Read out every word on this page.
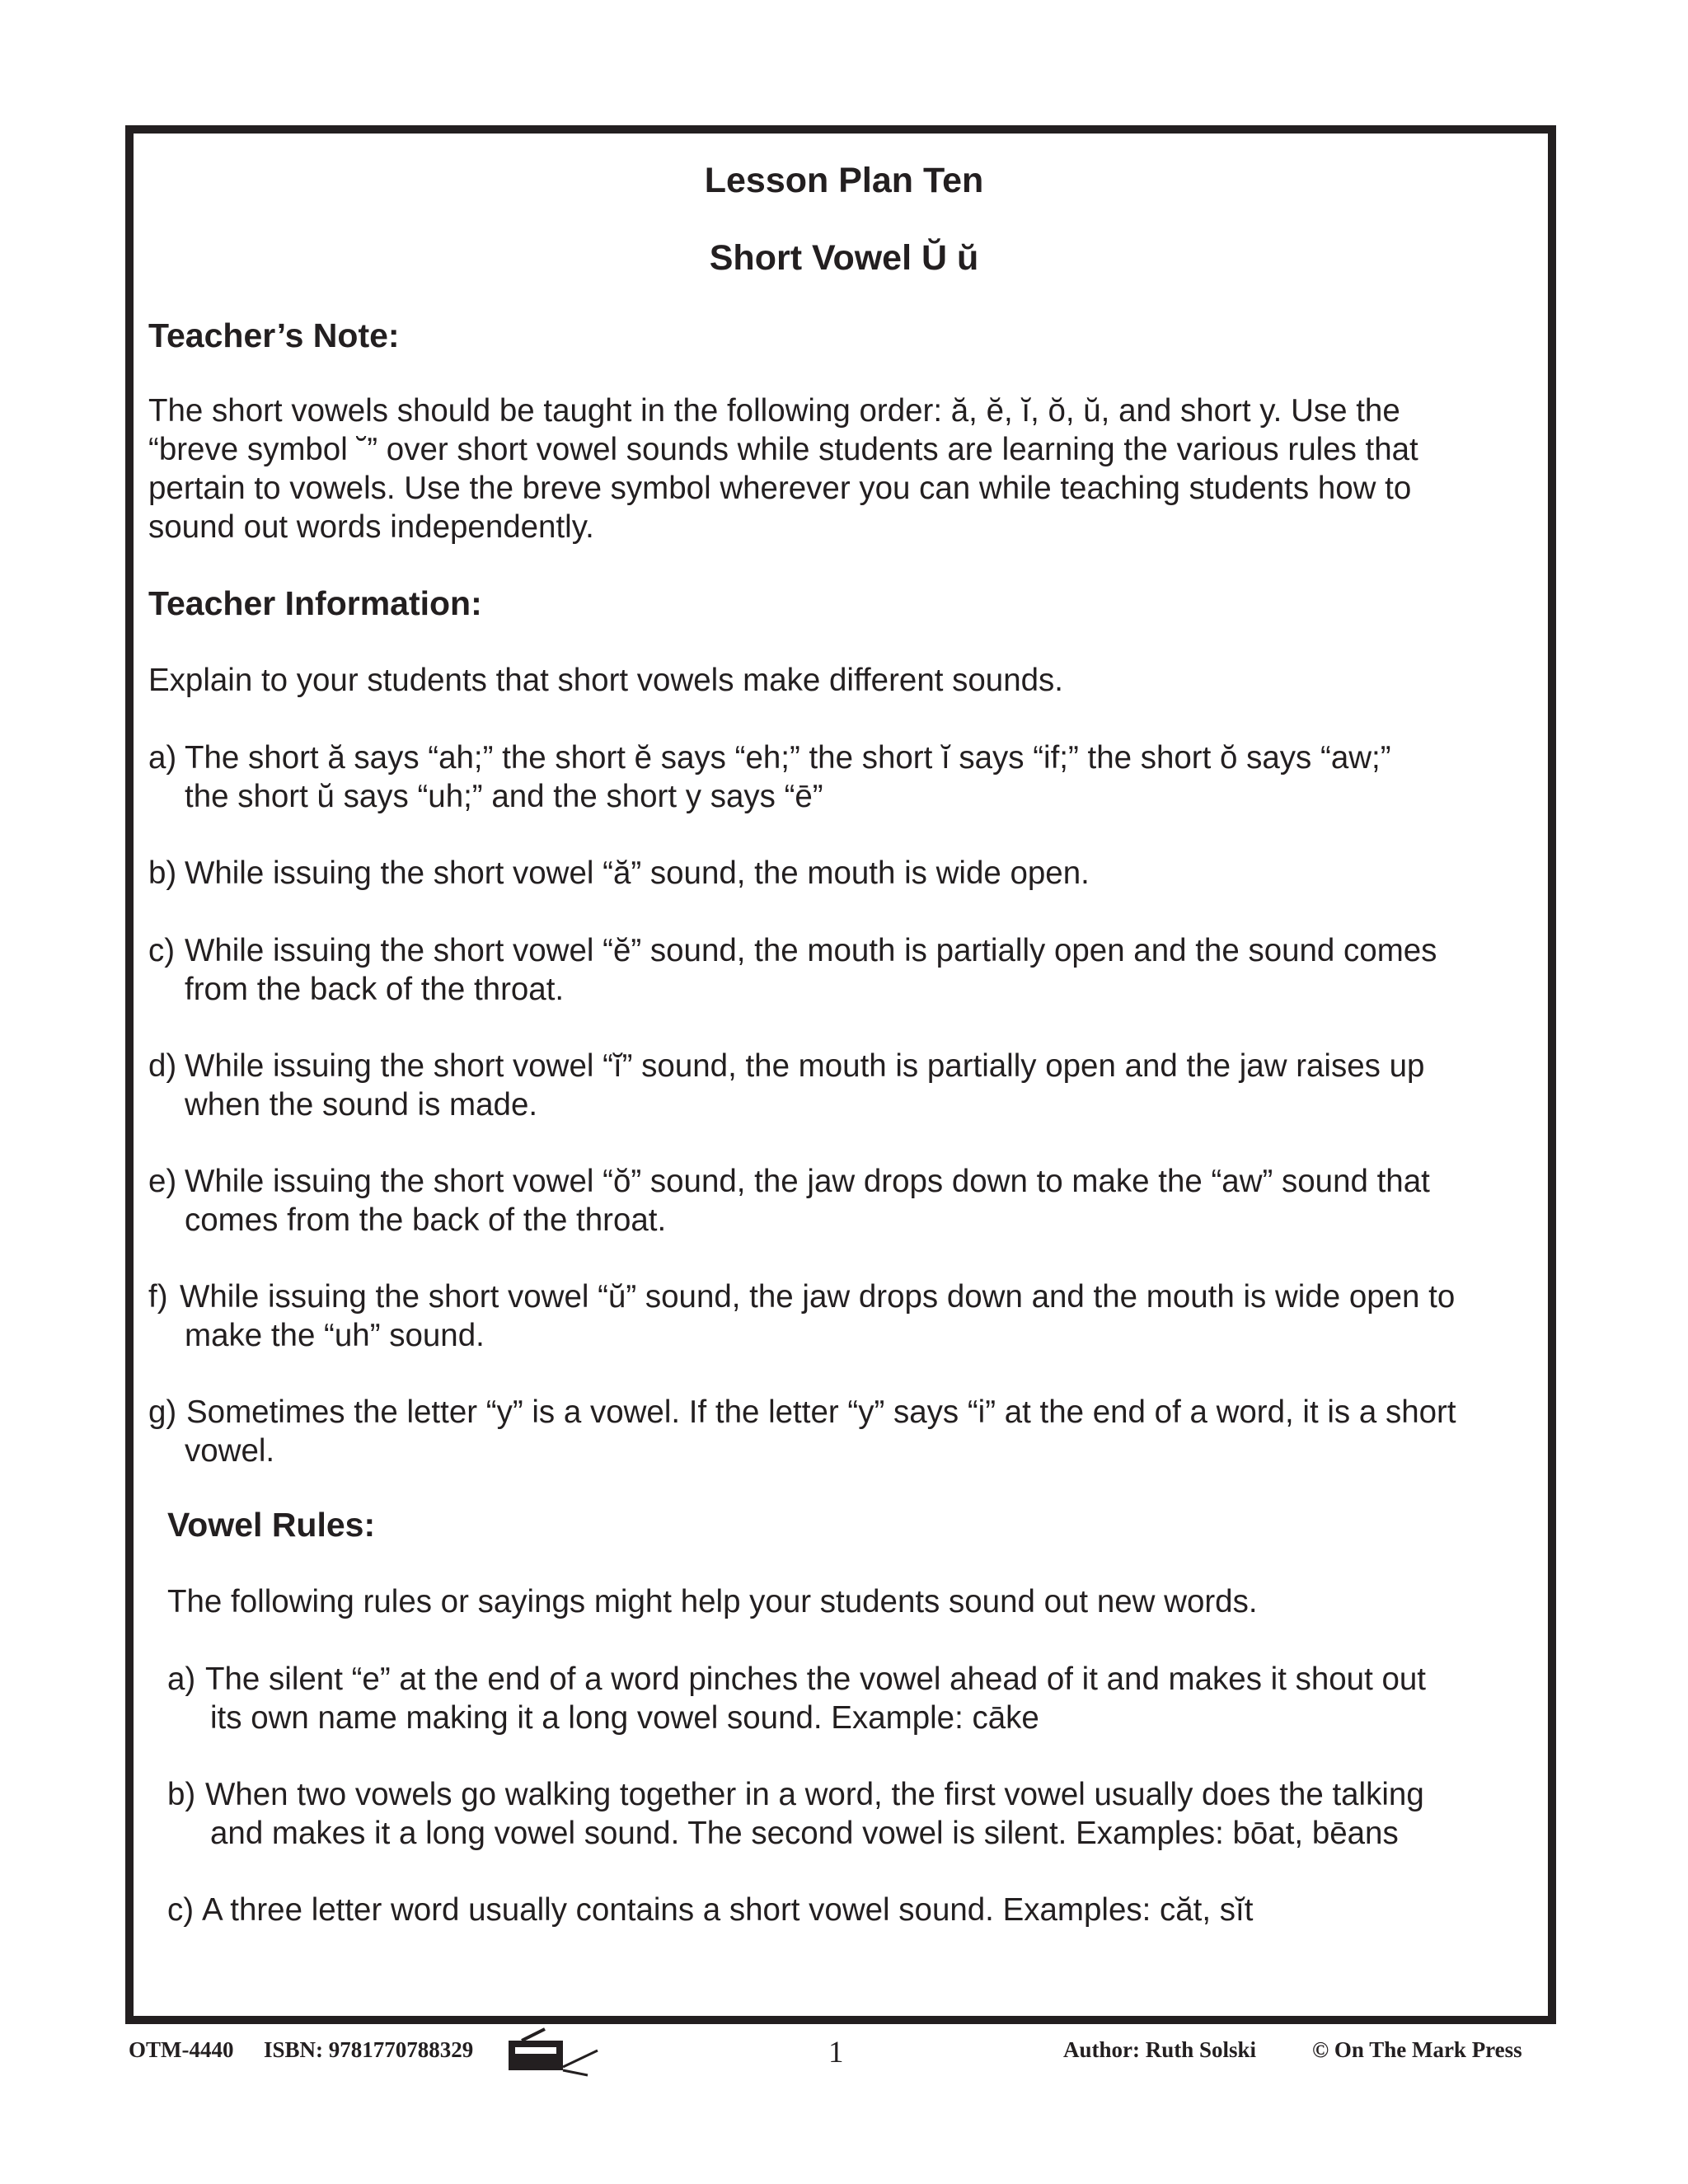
Lesson Plan Ten
Short Vowel Ŭ ŭ
Teacher’s Note:
The short vowels should be taught in the following order: ă, ĕ, ĭ, ŏ, ŭ, and short y. Use the
“breve symbol ˘” over short vowel sounds while students are learning the various rules that
pertain to vowels. Use the breve symbol wherever you can while teaching students how to
sound out words independently.
Teacher Information:
Explain to your students that short vowels make different sounds.
a) The short ă says “ah;” the short ĕ says “eh;” the short ĭ says “if;” the short ŏ says “aw;”
the short ŭ says “uh;” and the short y says “ē”
b) While issuing the short vowel “ă” sound, the mouth is wide open.
c) While issuing the short vowel “ĕ” sound, the mouth is partially open and the sound comes
from the back of the throat.
d) While issuing the short vowel “ĭ” sound, the mouth is partially open and the jaw raises up
when the sound is made.
e) While issuing the short vowel “ŏ” sound, the jaw drops down to make the “aw” sound that
comes from the back of the throat.
f) While issuing the short vowel “ŭ” sound, the jaw drops down and the mouth is wide open to
make the “uh” sound.
g) Sometimes the letter “y” is a vowel. If the letter “y” says “i” at the end of a word, it is a short
vowel.
Vowel Rules:
The following rules or sayings might help your students sound out new words.
a) The silent “e” at the end of a word pinches the vowel ahead of it and makes it shout out
its own name making it a long vowel sound. Example: cāke
b) When two vowels go walking together in a word, the first vowel usually does the talking
and makes it a long vowel sound. The second vowel is silent. Examples: bōat, bēans
c) A three letter word usually contains a short vowel sound. Examples: căt, sĭt
OTM-4440 ISBN: 9781770788329	1	Author: Ruth Solski	© On The Mark Press
